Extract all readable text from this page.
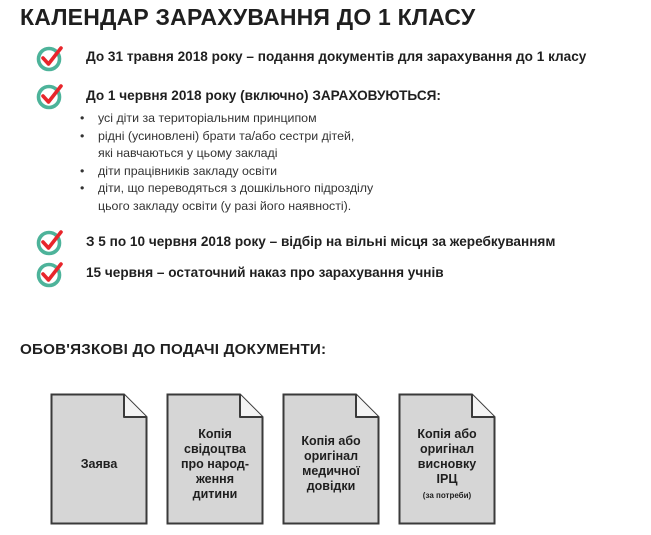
КАЛЕНДАР ЗАРАХУВАННЯ ДО 1 КЛАСУ

До 31 травня 2018 року – подання документів для зарахування до 1 класу

До 1 червня 2018 року (включно) ЗАРАХОВУЮТЬСЯ:

• усі діти за територіальним принципом
• рідні (усиновлені) брати та/або сестри дітей,
які навчаються у цьому закладі
• діти працівників закладу освіти
• діти, що переводяться з дошкільного підрозділу
цього закладу освіти (у разі його наявності).

З 5 по 10 червня 2018 року – відбір на вільні місця за жеребкуванням

15 червня – остаточний наказ про зарахування учнів

ОБОВ'ЯЗКОВІ ДО ПОДАЧІ ДОКУМЕНТИ:
Заява
Копія
свідоцтва
про народ-
ження
дитини
Копія або
оригінал
медичної
довідки
Копія або
оригінал
висновку
ІРЦ
(за потреби)
